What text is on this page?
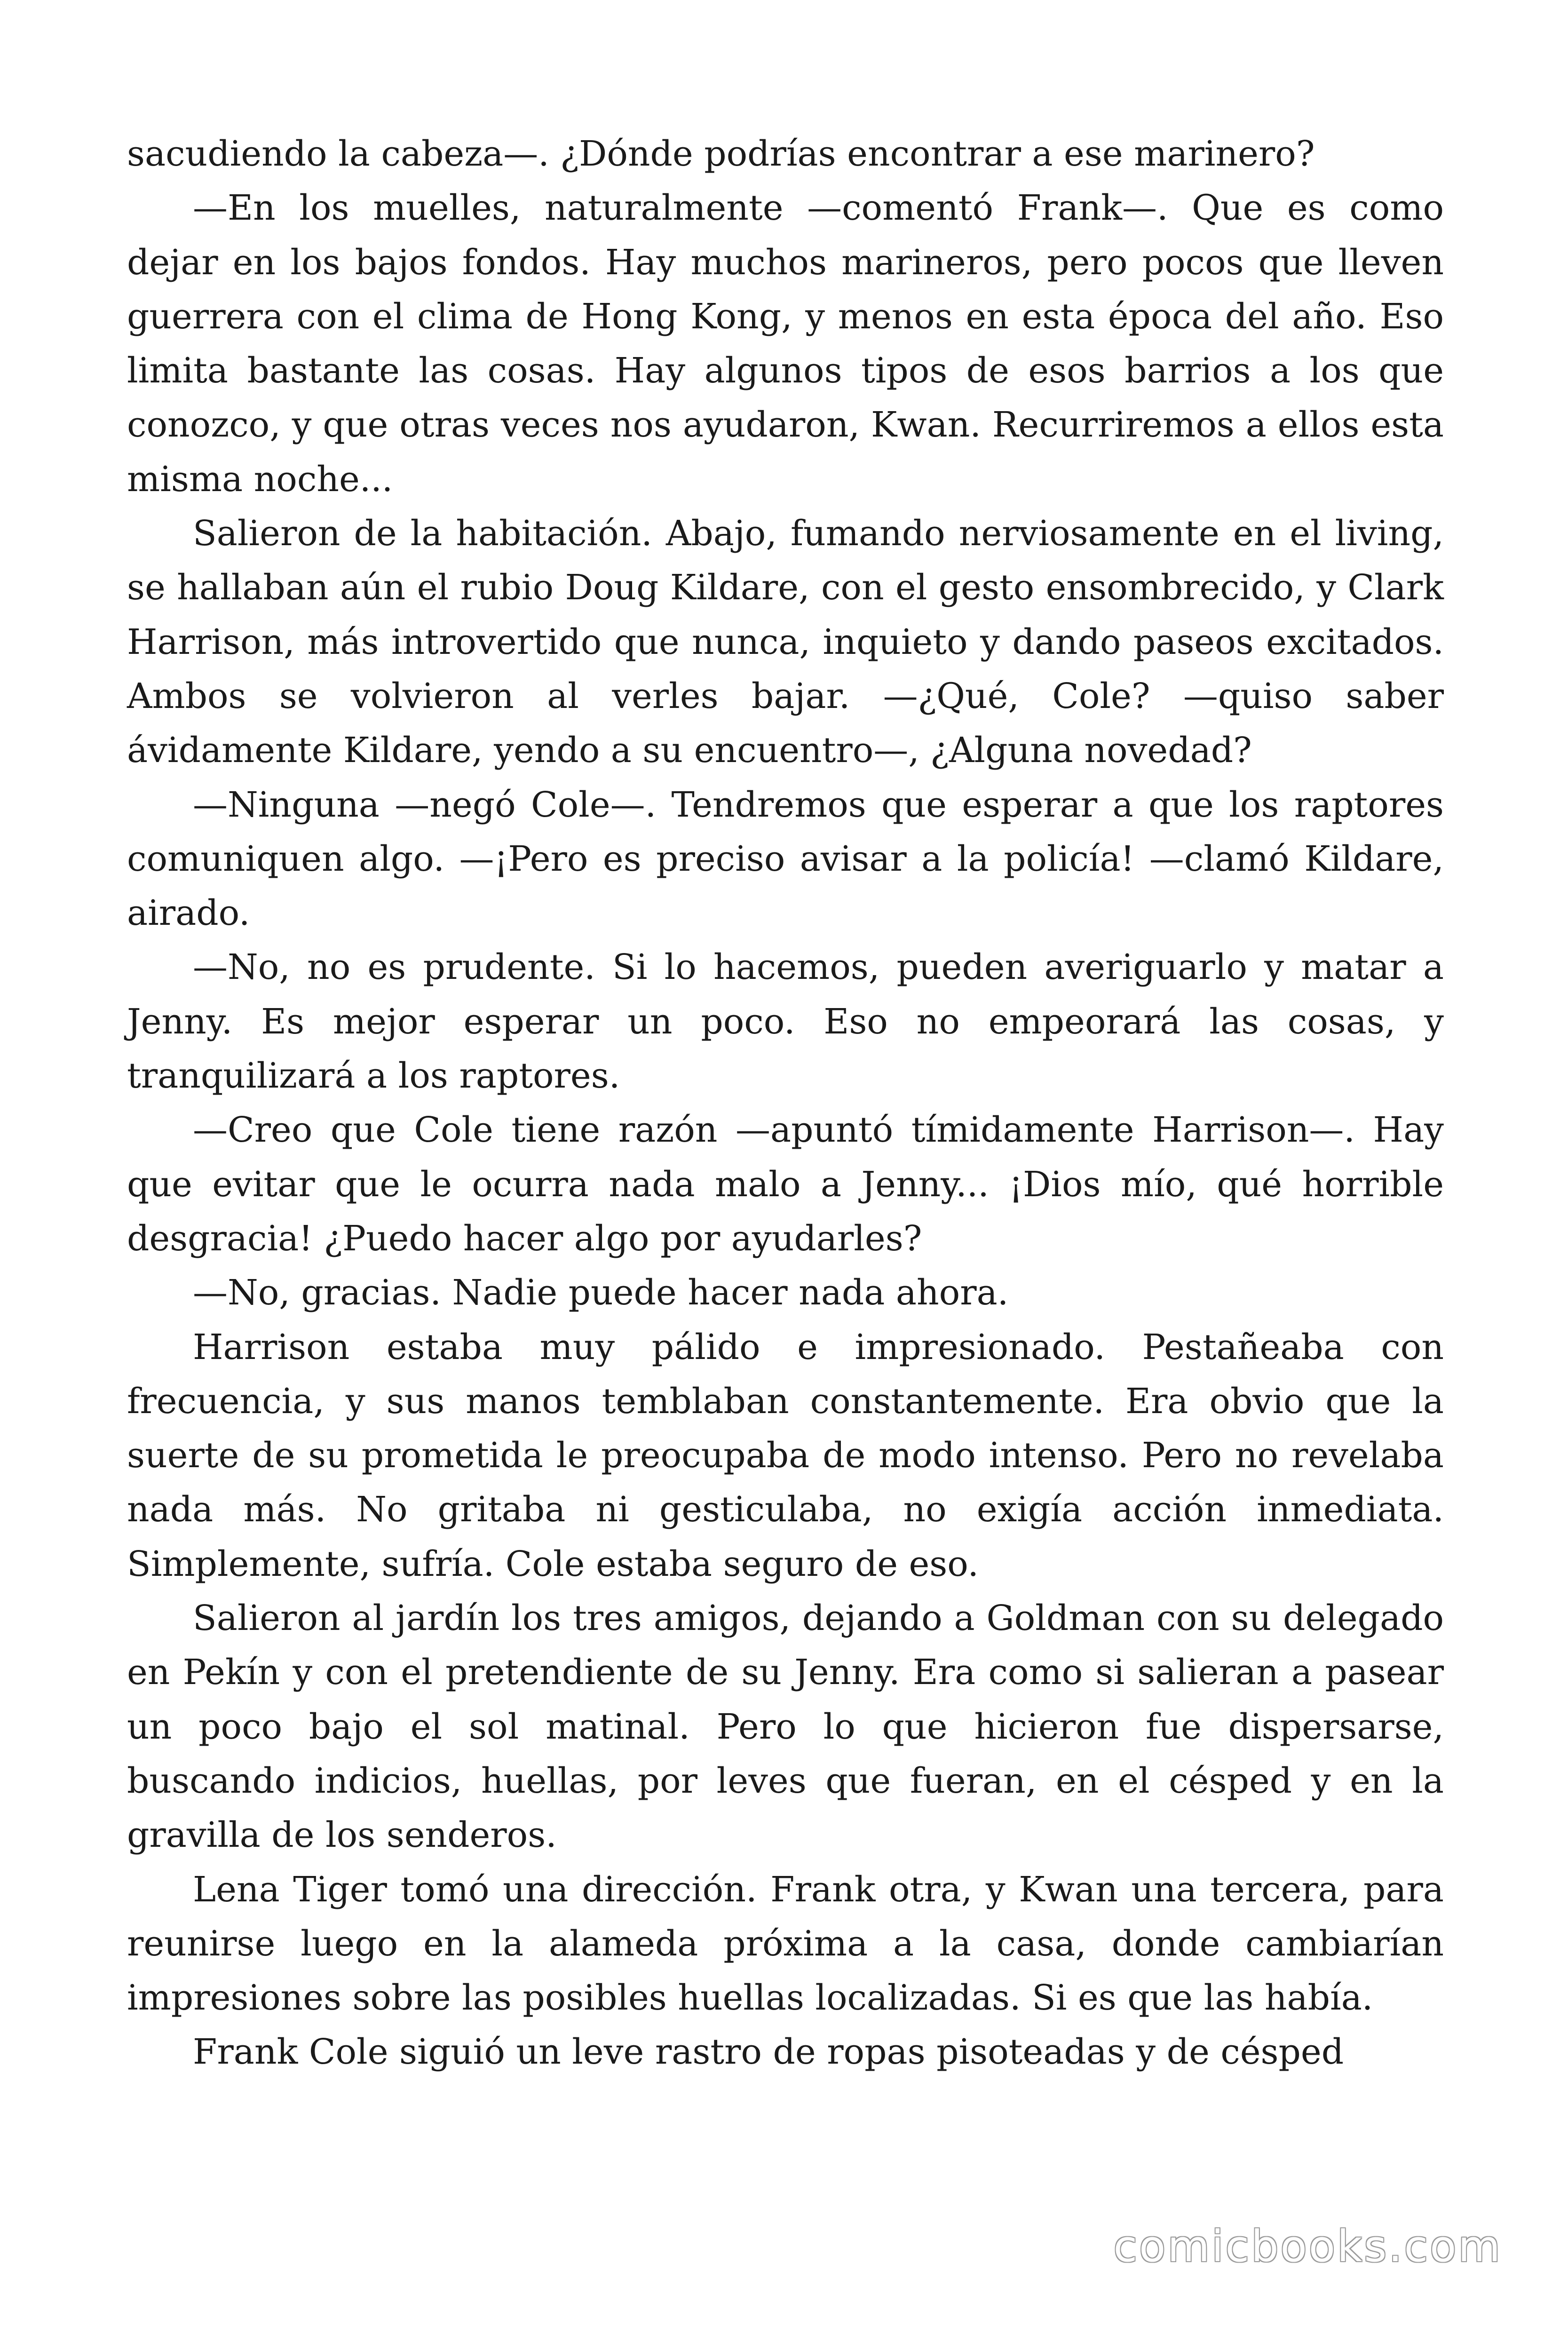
sacudiendo la cabeza—. ¿Dónde podrías encontrar a ese marinero?

—En los muelles, naturalmente —comentó Frank—. Que es como dejar en los bajos fondos. Hay muchos marineros, pero pocos que lleven guerrera con el clima de Hong Kong, y menos en esta época del año. Eso limita bastante las cosas. Hay algunos tipos de esos barrios a los que conozco, y que otras veces nos ayudaron, Kwan. Recurriremos a ellos esta misma noche...

Salieron de la habitación. Abajo, fumando nerviosamente en el living, se hallaban aún el rubio Doug Kildare, con el gesto ensombrecido, y Clark Harrison, más introvertido que nunca, inquieto y dando paseos excitados. Ambos se volvieron al verles bajar. —¿Qué, Cole? —quiso saber ávidamente Kildare, yendo a su encuentro—, ¿Alguna novedad?

—Ninguna —negó Cole—. Tendremos que esperar a que los raptores comuniquen algo. —¡Pero es preciso avisar a la policía! —clamó Kildare, airado.

—No, no es prudente. Si lo hacemos, pueden averiguarlo y matar a Jenny. Es mejor esperar un poco. Eso no empeorará las cosas, y tranquilizará a los raptores.

—Creo que Cole tiene razón —apuntó tímidamente Harrison—. Hay que evitar que le ocurra nada malo a Jenny... ¡Dios mío, qué horrible desgracia! ¿Puedo hacer algo por ayudarles?

—No, gracias. Nadie puede hacer nada ahora.

Harrison estaba muy pálido e impresionado. Pestañeaba con frecuencia, y sus manos temblaban constantemente. Era obvio que la suerte de su prometida le preocupaba de modo intenso. Pero no revelaba nada más. No gritaba ni gesticulaba, no exigía acción inmediata. Simplemente, sufría. Cole estaba seguro de eso.

Salieron al jardín los tres amigos, dejando a Goldman con su delegado en Pekín y con el pretendiente de su Jenny. Era como si salieran a pasear un poco bajo el sol matinal. Pero lo que hicieron fue dispersarse, buscando indicios, huellas, por leves que fueran, en el césped y en la gravilla de los senderos.

Lena Tiger tomó una dirección. Frank otra, y Kwan una tercera, para reunirse luego en la alameda próxima a la casa, donde cambiarían impresiones sobre las posibles huellas localizadas. Si es que las había.

Frank Cole siguió un leve rastro de ropas pisoteadas y de césped

comicbooks.com
